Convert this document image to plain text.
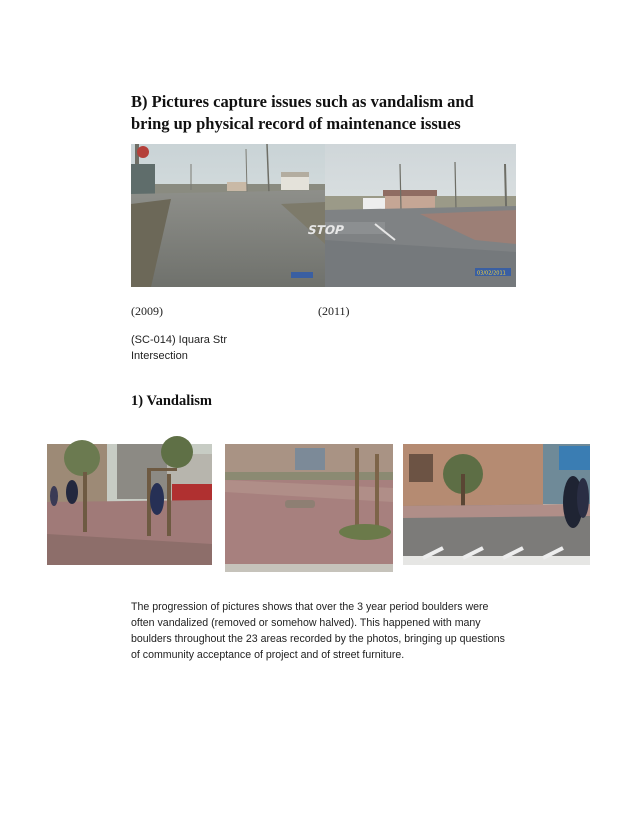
B) Pictures capture issues such as vandalism and
bring up physical record of maintenance issues
STOP
03/02/2011
(2009)	(2011)
(SC-014) Iquara Str
Intersection
1) Vandalism

The progression of pictures shows that over the 3 year period boulders were
often vandalized (removed or somehow halved). This happened with many
boulders throughout the 23 areas recorded by the photos, bringing up questions
of community acceptance of project and of street furniture.
